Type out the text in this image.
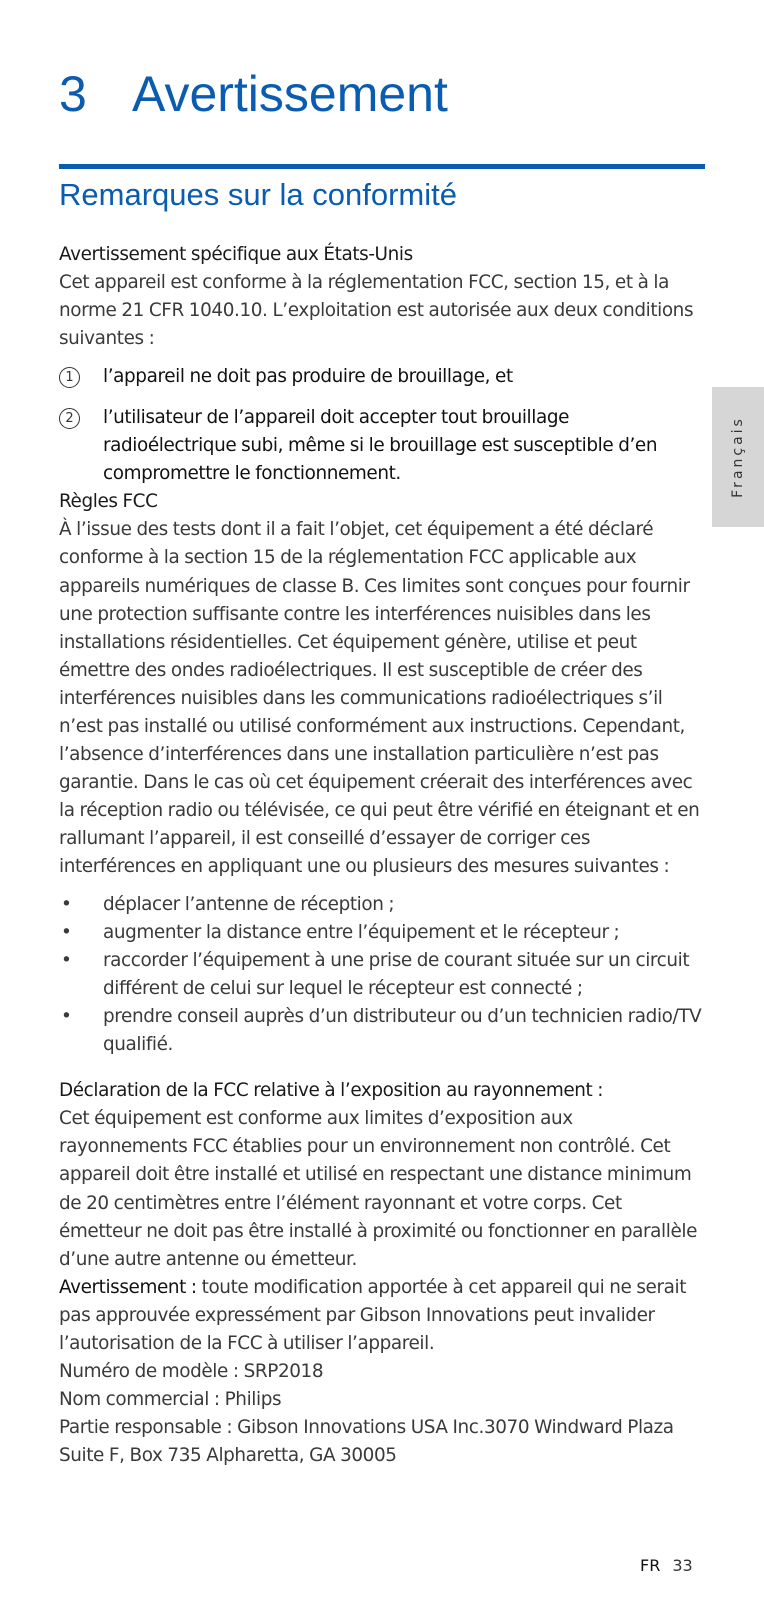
3 Avertissement
Remarques sur la conformité
Français

Avertissement spécifique aux États-Unis

Cet appareil est conforme à la réglementation FCC, section 15, et à la norme 21 CFR 1040.10. L’exploitation est autorisée aux deux conditions suivantes :

1	l’appareil ne doit pas produire de brouillage, et
2	l’utilisateur de l’appareil doit accepter tout brouillage radioélectrique subi, même si le brouillage est susceptible d’en compromettre le fonctionnement.

Règles FCC

À l’issue des tests dont il a fait l’objet, cet équipement a été déclaré conforme à la section 15 de la réglementation FCC applicable aux appareils numériques de classe B. Ces limites sont conçues pour fournir une protection suffisante contre les interférences nuisibles dans les installations résidentielles. Cet équipement génère, utilise et peut émettre des ondes radioélectriques. Il est susceptible de créer des interférences nuisibles dans les communications radioélectriques s’il n’est pas installé ou utilisé conformément aux instructions. Cependant, l’absence d’interférences dans une installation particulière n’est pas garantie. Dans le cas où cet équipement créerait des interférences avec la réception radio ou télévisée, ce qui peut être vérifié en éteignant et en rallumant l’appareil, il est conseillé d’essayer de corriger ces interférences en appliquant une ou plusieurs des mesures suivantes :

• déplacer l’antenne de réception ;
• augmenter la distance entre l’équipement et le récepteur ;
• raccorder l’équipement à une prise de courant située sur un circuit différent de celui sur lequel le récepteur est connecté ;
• prendre conseil auprès d’un distributeur ou d’un technicien radio/TV qualifié.

Déclaration de la FCC relative à l’exposition au rayonnement :

Cet équipement est conforme aux limites d’exposition aux rayonnements FCC établies pour un environnement non contrôlé. Cet appareil doit être installé et utilisé en respectant une distance minimum de 20 centimètres entre l’élément rayonnant et votre corps. Cet émetteur ne doit pas être installé à proximité ou fonctionner en parallèle d’une autre antenne ou émetteur.

Avertissement : toute modification apportée à cet appareil qui ne serait pas approuvée expressément par Gibson Innovations peut invalider l’autorisation de la FCC à utiliser l’appareil.

Numéro de modèle : SRP2018

Nom commercial : Philips

Partie responsable : Gibson Innovations USA Inc.3070 Windward Plaza Suite F, Box 735 Alpharetta, GA 30005

FR 33
